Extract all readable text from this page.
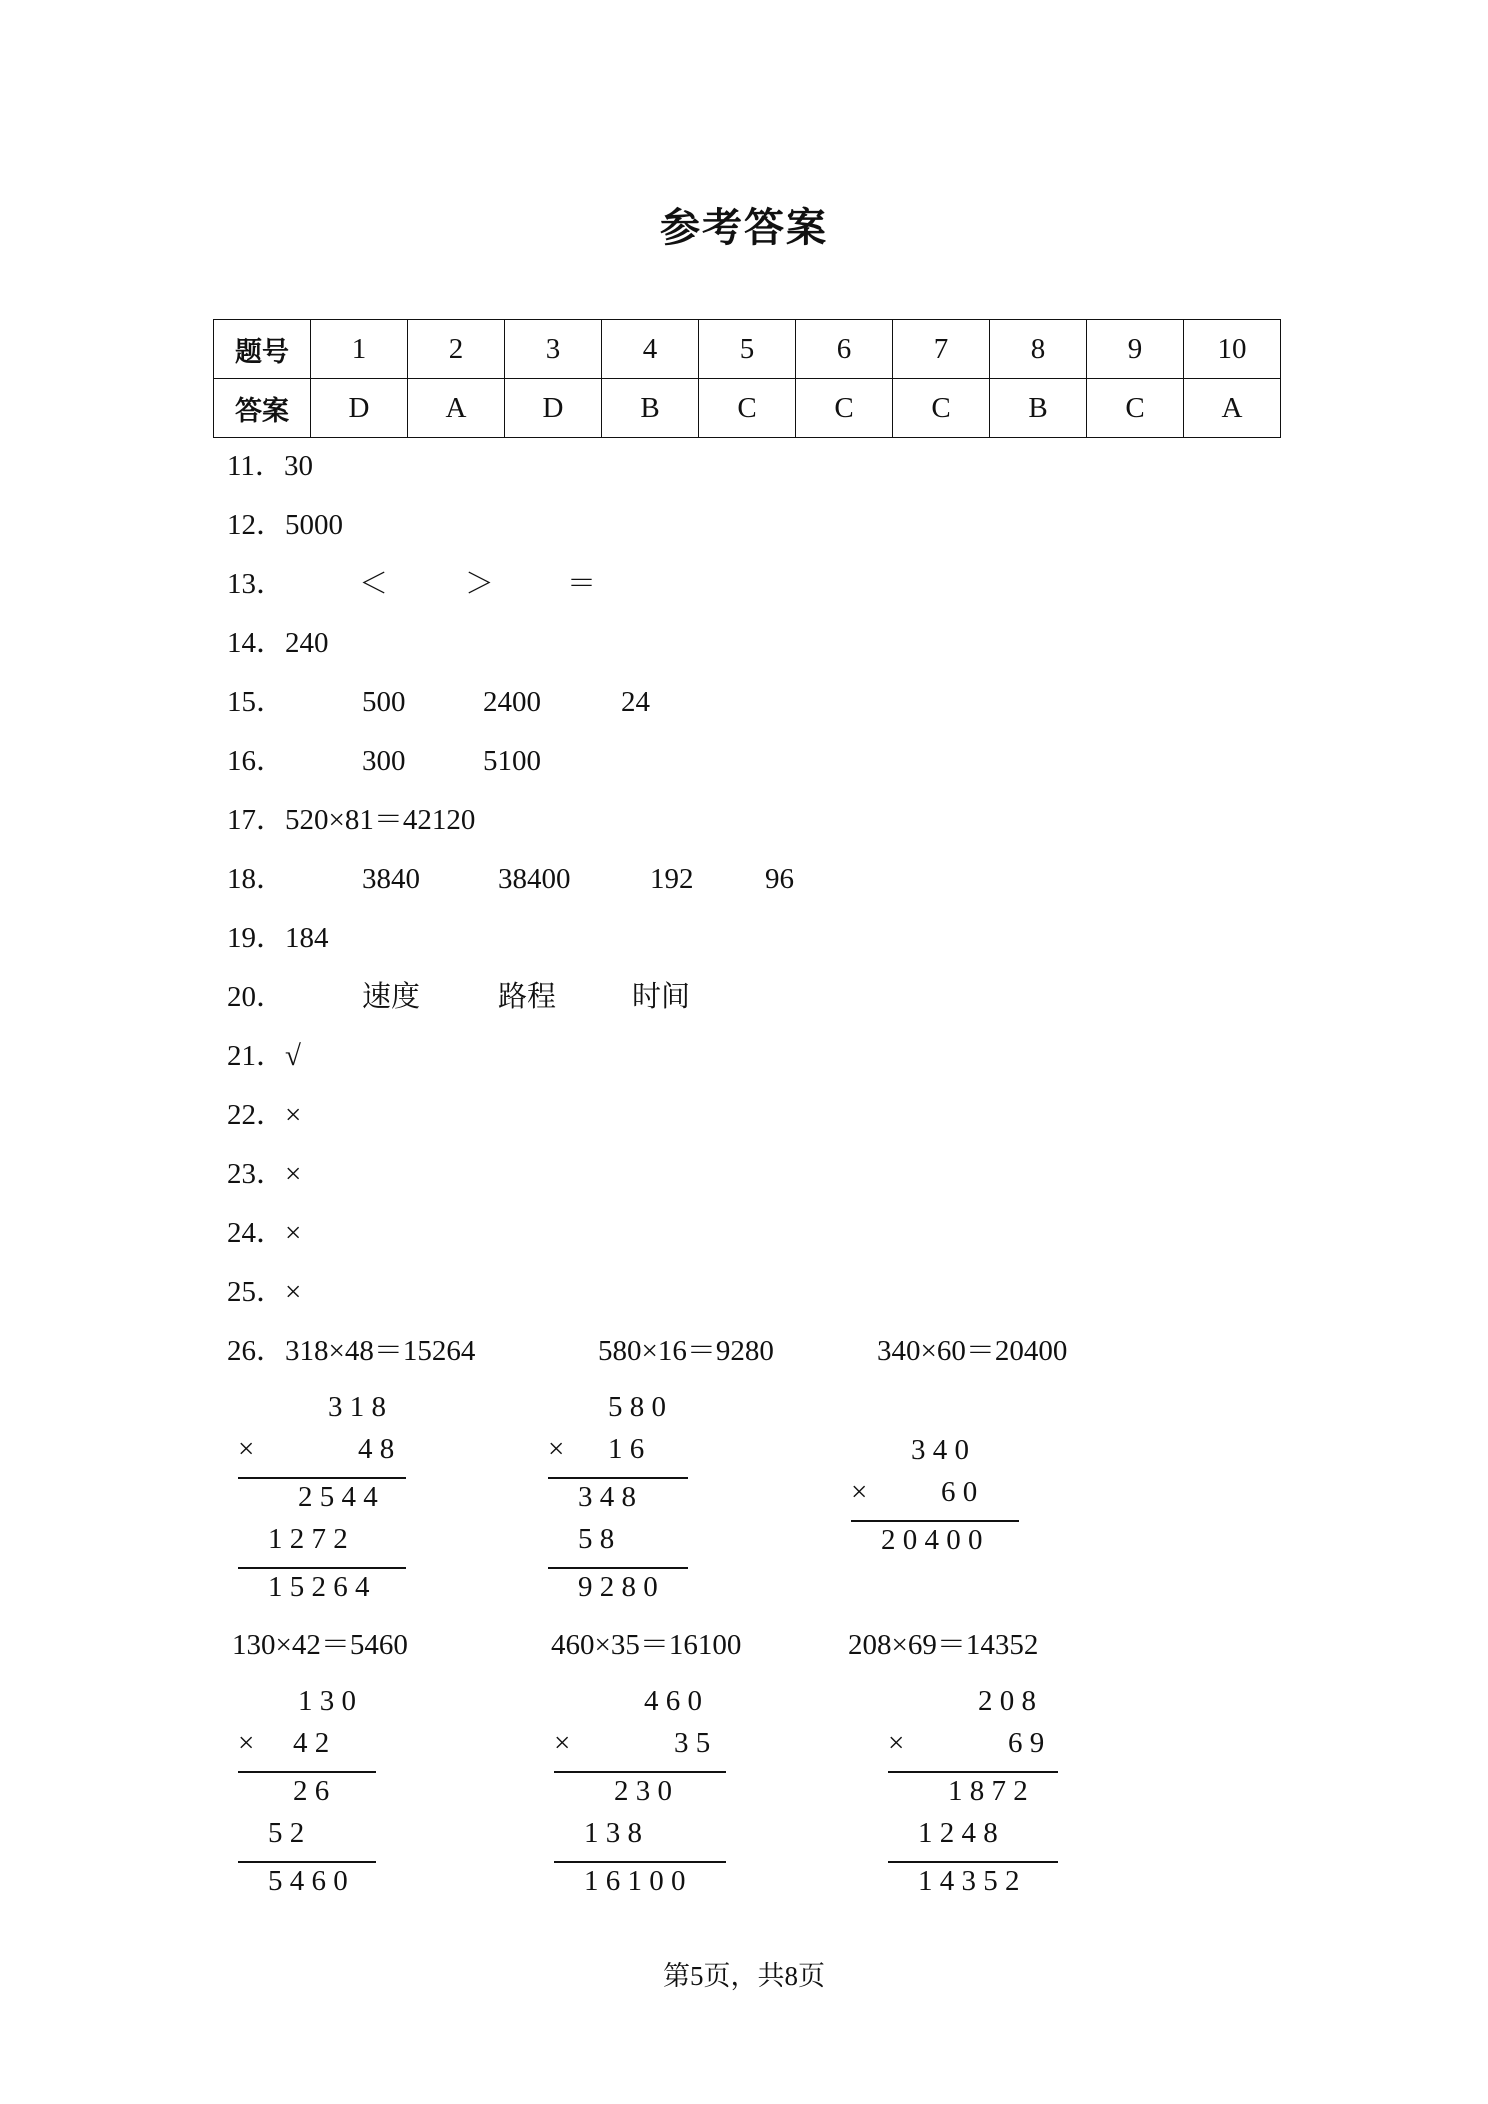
参考答案
题号	1	2	3	4	5	6	7	8	9	10
答案	D	A	D	B	C	C	C	B	C	A
11．30
12．5000
13．	＜	＞	＝
14．240
15．	500	2400	24
16．	300	5100
17．520×81＝42120
18．	3840	38400	192 96
19．184
20．	速度	路程	时间
21．√
22．×
23．×
24．×
25．×
26．318×48＝15264	580×16＝9280	340×60＝20400
130×42＝5460	460×35＝16100	208×69＝14352
3 1 8
×	4 8
2 5 4 4
1 2 7 2
1 5 2 6 4
5 8 0
× 1 6
3 4 8
5 8
9 2 8 0
3 4 0
×	6 0
2 0 4 0 0
1 3 0
× 4 2
2 6
5 2
5 4 6 0
4 6 0
×	3 5
2 3 0
1 3 8
1 6 1 0 0
2 0 8
×	6 9
1 8 7 2
1 2 4 8
1 4 3 5 2
第5页，共8页
